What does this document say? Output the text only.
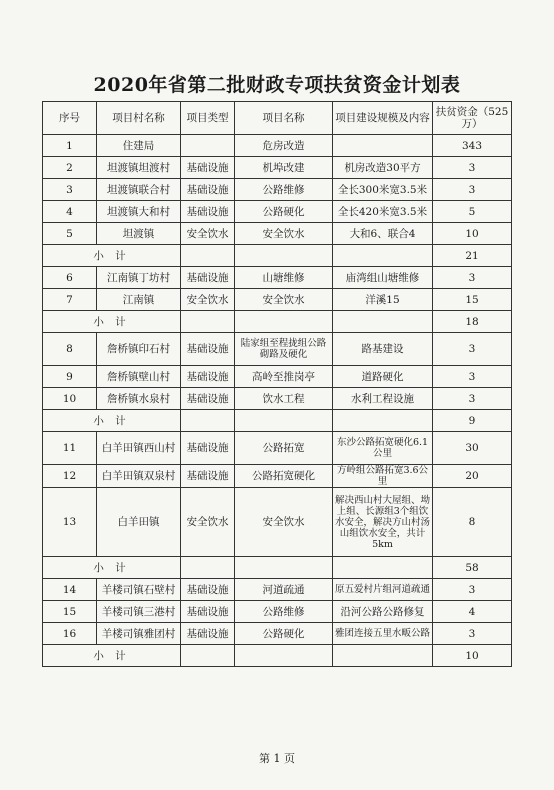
2020年省第二批财政专项扶贫资金计划表
序号	项目村名称	项目类型	项目名称	项目建设规模及内容	扶贫资金（525万）
1	住建局		危房改造		343
2	坦渡镇坦渡村	基础设施	机埠改建	机房改造30平方	3
3	坦渡镇联合村	基础设施	公路维修	全长300米宽3.5米	3
4	坦渡镇大和村	基础设施	公路硬化	全长420米宽3.5米	5
5	坦渡镇	安全饮水	安全饮水	大和6、联合4	10
小 计					21
6	江南镇丁坊村	基础设施	山塘维修	庙湾组山塘维修	3
7	江南镇	安全饮水	安全饮水	洋溪15	15
小 计					18
8	詹桥镇印石村	基础设施	陆家组至程拢组公路砌路及硬化	路基建设	3
9	詹桥镇壁山村	基础设施	高岭至推岗亭	道路硬化	3
10	詹桥镇水泉村	基础设施	饮水工程	水利工程设施	3
小 计					9
11	白羊田镇西山村	基础设施	公路拓宽	东沙公路拓宽硬化6.1公里	30
12	白羊田镇双泉村	基础设施	公路拓宽硬化	方岭组公路拓宽3.6公里	20
13	白羊田镇	安全饮水	安全饮水	解决西山村大屋组、坳上组、长源组3个组饮水安全，解决方山村汤山组饮水安全，共计5km	8
小 计					58
14	羊楼司镇石壁村	基础设施	河道疏通	原五爱村片组河道疏通	3
15	羊楼司镇三港村	基础设施	公路维修	沿河公路公路修复	4
16	羊楼司镇雅团村	基础设施	公路硬化	雅团连接五里水畈公路	3
小 计					10
第 1 页
